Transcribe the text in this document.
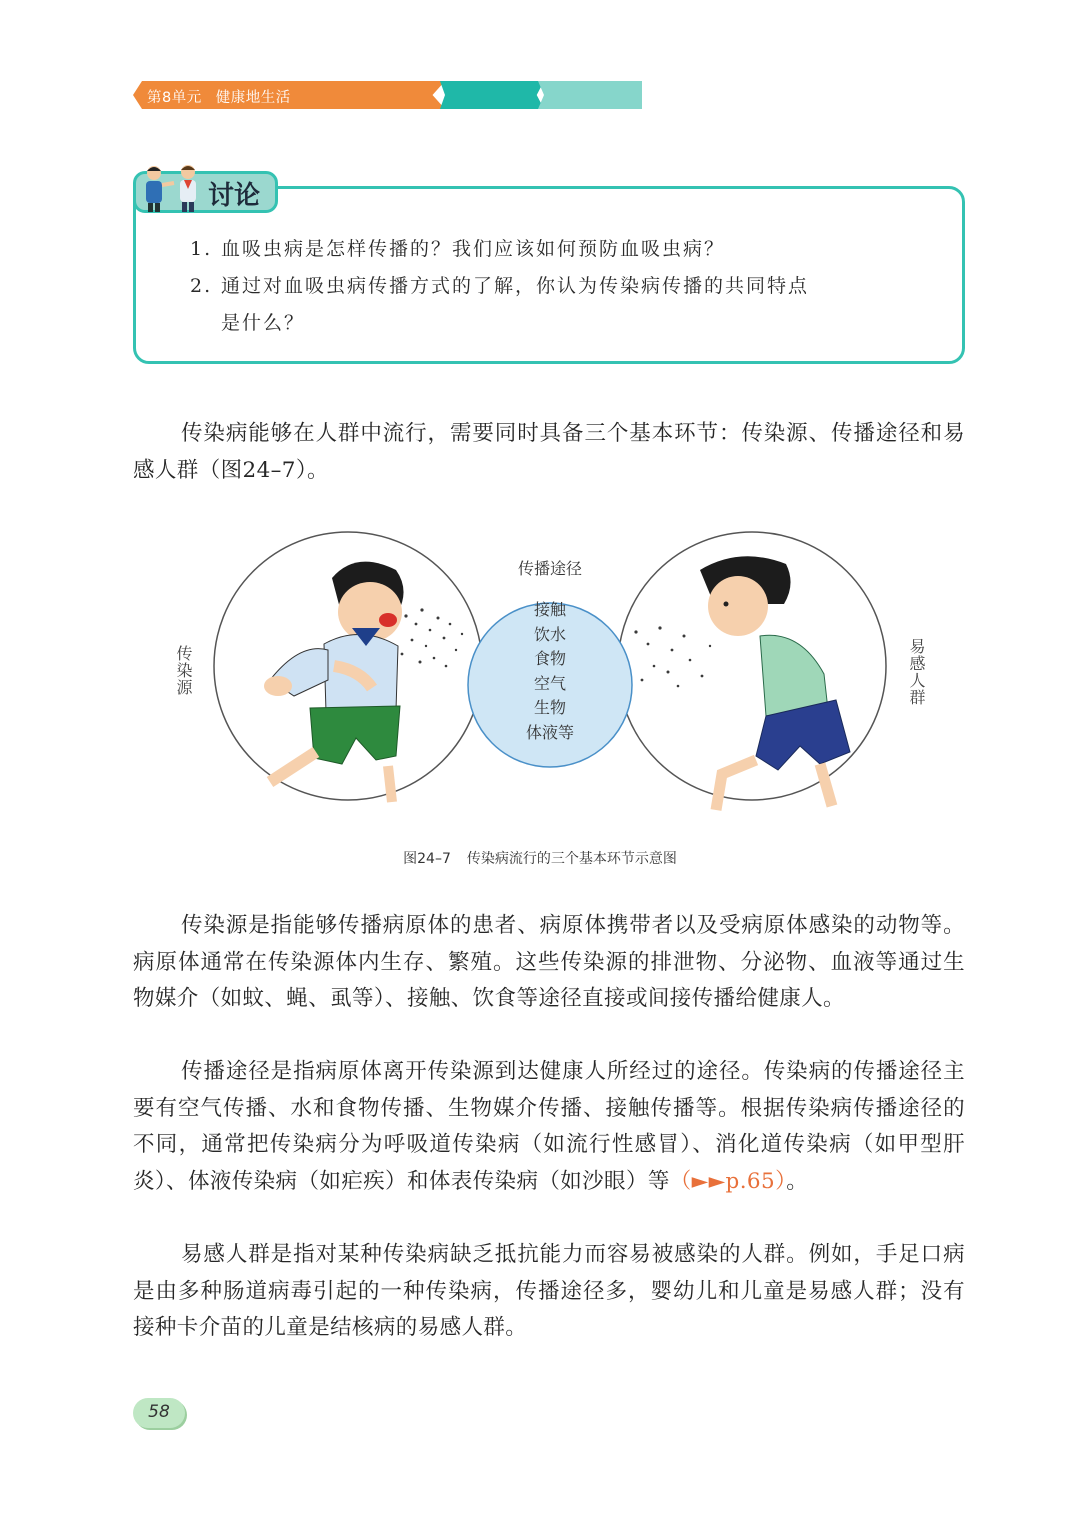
第8单元 健康地生活
讨论
1. 血吸虫病是怎样传播的？我们应该如何预防血吸虫病？
2. 通过对血吸虫病传播方式的了解，你认为传染病传播的共同特点
是什么？
传染病能够在人群中流行，需要同时具备三个基本环节：传染源、传播途径和易感人群（图24–7）。
传染源	易感人群
传播途径
接触
饮水
食物
空气
生物
体液等
图24–7 传染病流行的三个基本环节示意图
传染源是指能够传播病原体的患者、病原体携带者以及受病原体感染的动物等。病原体通常在传染源体内生存、繁殖。这些传染源的排泄物、分泌物、血液等通过生物媒介（如蚊、蝇、虱等）、接触、饮食等途径直接或间接传播给健康人。
传播途径是指病原体离开传染源到达健康人所经过的途径。传染病的传播途径主要有空气传播、水和食物传播、生物媒介传播、接触传播等。根据传染病传播途径的不同，通常把传染病分为呼吸道传染病（如流行性感冒）、消化道传染病（如甲型肝炎）、体液传染病（如疟疾）和体表传染病（如沙眼）等（►►p.65）。
易感人群是指对某种传染病缺乏抵抗能力而容易被感染的人群。例如，手足口病是由多种肠道病毒引起的一种传染病，传播途径多，婴幼儿和儿童是易感人群；没有接种卡介苗的儿童是结核病的易感人群。
58
